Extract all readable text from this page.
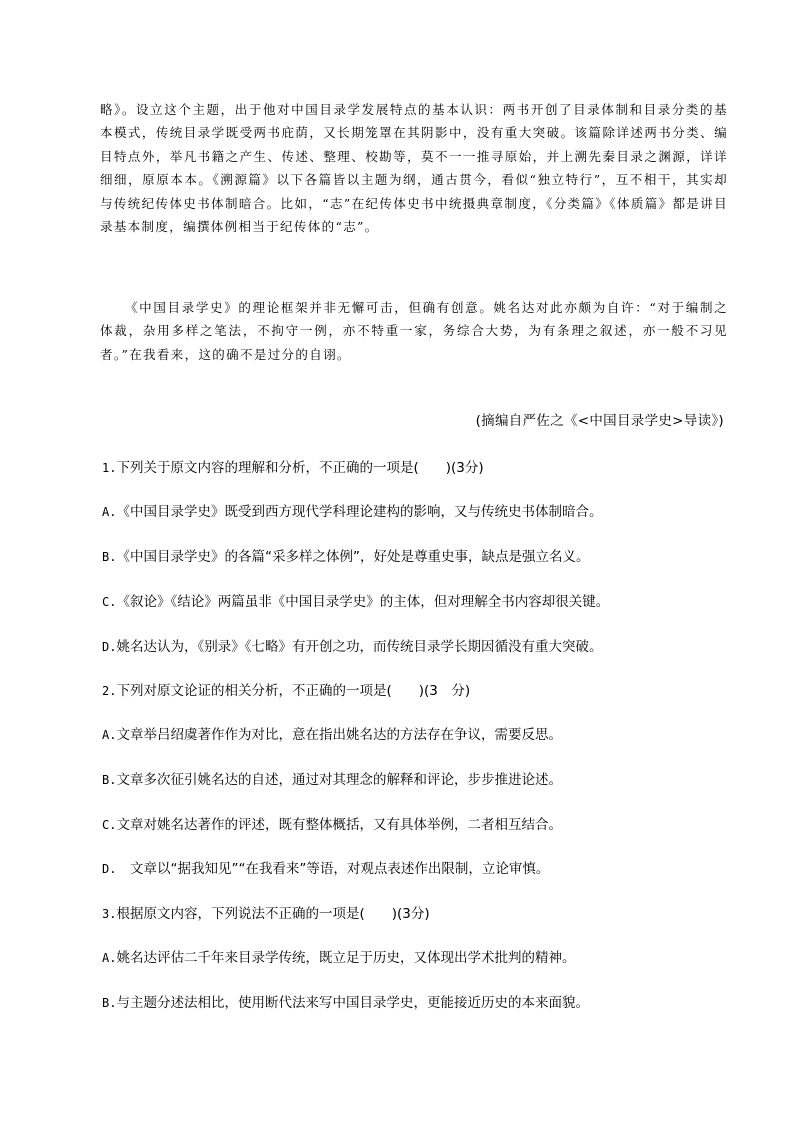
略》。设立这个主题，出于他对中国目录学发展特点的基本认识：两书开创了目录体制和目录分类的基本模式，传统目录学既受两书庇荫，又长期笼罩在其阴影中，没有重大突破。该篇除详述两书分类、编目特点外，举凡书籍之产生、传述、整理、校勘等，莫不一一推寻原始，并上溯先秦目录之渊源，详详细细，原原本本。《溯源篇》以下各篇皆以主题为纲，通古贯今，看似“独立特行”，互不相干，其实却与传统纪传体史书体制暗合。比如，“志”在纪传体史书中统摄典章制度，《分类篇》《体质篇》都是讲目录基本制度，编撰体例相当于纪传体的“志”。

《中国目录学史》的理论框架并非无懈可击，但确有创意。姚名达对此亦颇为自许：“对于编制之体裁，杂用多样之笔法，不拘守一例，亦不特重一家，务综合大势，为有条理之叙述，亦一般不习见者。”在我看来，这的确不是过分的自诩。

(摘编自严佐之《<中国目录学史>导读》)
1.下列关于原文内容的理解和分析，不正确的一项是(　　)(3分)
A.《中国目录学史》既受到西方现代学科理论建构的影响，又与传统史书体制暗合。
B.《中国目录学史》的各篇“采多样之体例”，好处是尊重史事，缺点是强立名义。
C.《叙论》《结论》两篇虽非《中国目录学史》的主体，但对理解全书内容却很关键。
D.姚名达认为，《别录》《七略》有开创之功，而传统目录学长期因循没有重大突破。
2.下列对原文论证的相关分析，不正确的一项是(　　)(3　分)
A.文章举吕绍虞著作作为对比，意在指出姚名达的方法存在争议，需要反思。
B.文章多次征引姚名达的自述，通过对其理念的解释和评论，步步推进论述。
C.文章对姚名达著作的评述，既有整体概括，又有具体举例，二者相互结合。
D.　文章以“据我知见”“在我看来”等语，对观点表述作出限制，立论审慎。
3.根据原文内容，下列说法不正确的一项是(　　)(3分)
A.姚名达评估二千年来目录学传统，既立足于历史，又体现出学术批判的精神。
B.与主题分述法相比，使用断代法来写中国目录学史，更能接近历史的本来面貌。
